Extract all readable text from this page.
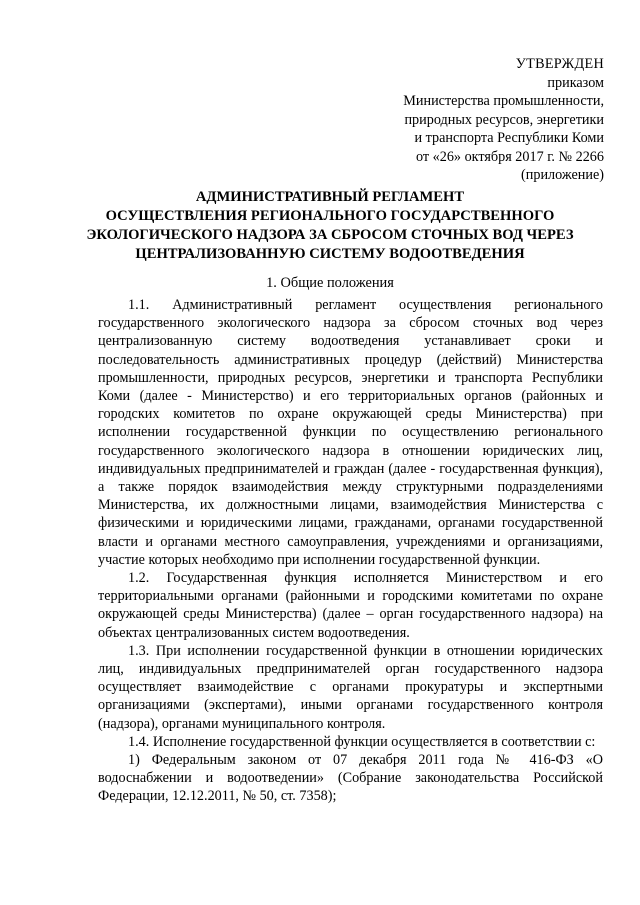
УТВЕРЖДЕН
приказом
Министерства промышленности,
природных ресурсов, энергетики
и транспорта Республики Коми
от «26» октября 2017 г. № 2266
(приложение)
АДМИНИСТРАТИВНЫЙ РЕГЛАМЕНТ
ОСУЩЕСТВЛЕНИЯ РЕГИОНАЛЬНОГО ГОСУДАРСТВЕННОГО
ЭКОЛОГИЧЕСКОГО НАДЗОРА ЗА СБРОСОМ СТОЧНЫХ ВОД ЧЕРЕЗ
ЦЕНТРАЛИЗОВАННУЮ СИСТЕМУ ВОДООТВЕДЕНИЯ
1. Общие положения

1.1. Административный регламент осуществления регионального государственного экологического надзора за сбросом сточных вод через централизованную систему водоотведения устанавливает сроки и последовательность административных процедур (действий) Министерства промышленности, природных ресурсов, энергетики и транспорта Республики Коми (далее - Министерство) и его территориальных органов (районных и городских комитетов по охране окружающей среды Министерства) при исполнении государственной функции по осуществлению регионального государственного экологического надзора в отношении юридических лиц, индивидуальных предпринимателей и граждан (далее - государственная функция), а также порядок взаимодействия между структурными подразделениями Министерства, их должностными лицами, взаимодействия Министерства с физическими и юридическими лицами, гражданами, органами государственной власти и органами местного самоуправления, учреждениями и организациями, участие которых необходимо при исполнении государственной функции.

1.2. Государственная функция исполняется Министерством и его территориальными органами (районными и городскими комитетами по охране окружающей среды Министерства) (далее – орган государственного надзора) на объектах централизованных систем водоотведения.

1.3. При исполнении государственной функции в отношении юридических лиц, индивидуальных предпринимателей орган государственного надзора осуществляет взаимодействие с органами прокуратуры и экспертными организациями (экспертами), иными органами государственного контроля (надзора), органами муниципального контроля.

1.4. Исполнение государственной функции осуществляется в соответствии с:

1) Федеральным законом от 07 декабря 2011 года № 416-ФЗ «О водоснабжении и водоотведении» (Собрание законодательства Российской Федерации, 12.12.2011, № 50, ст. 7358);
